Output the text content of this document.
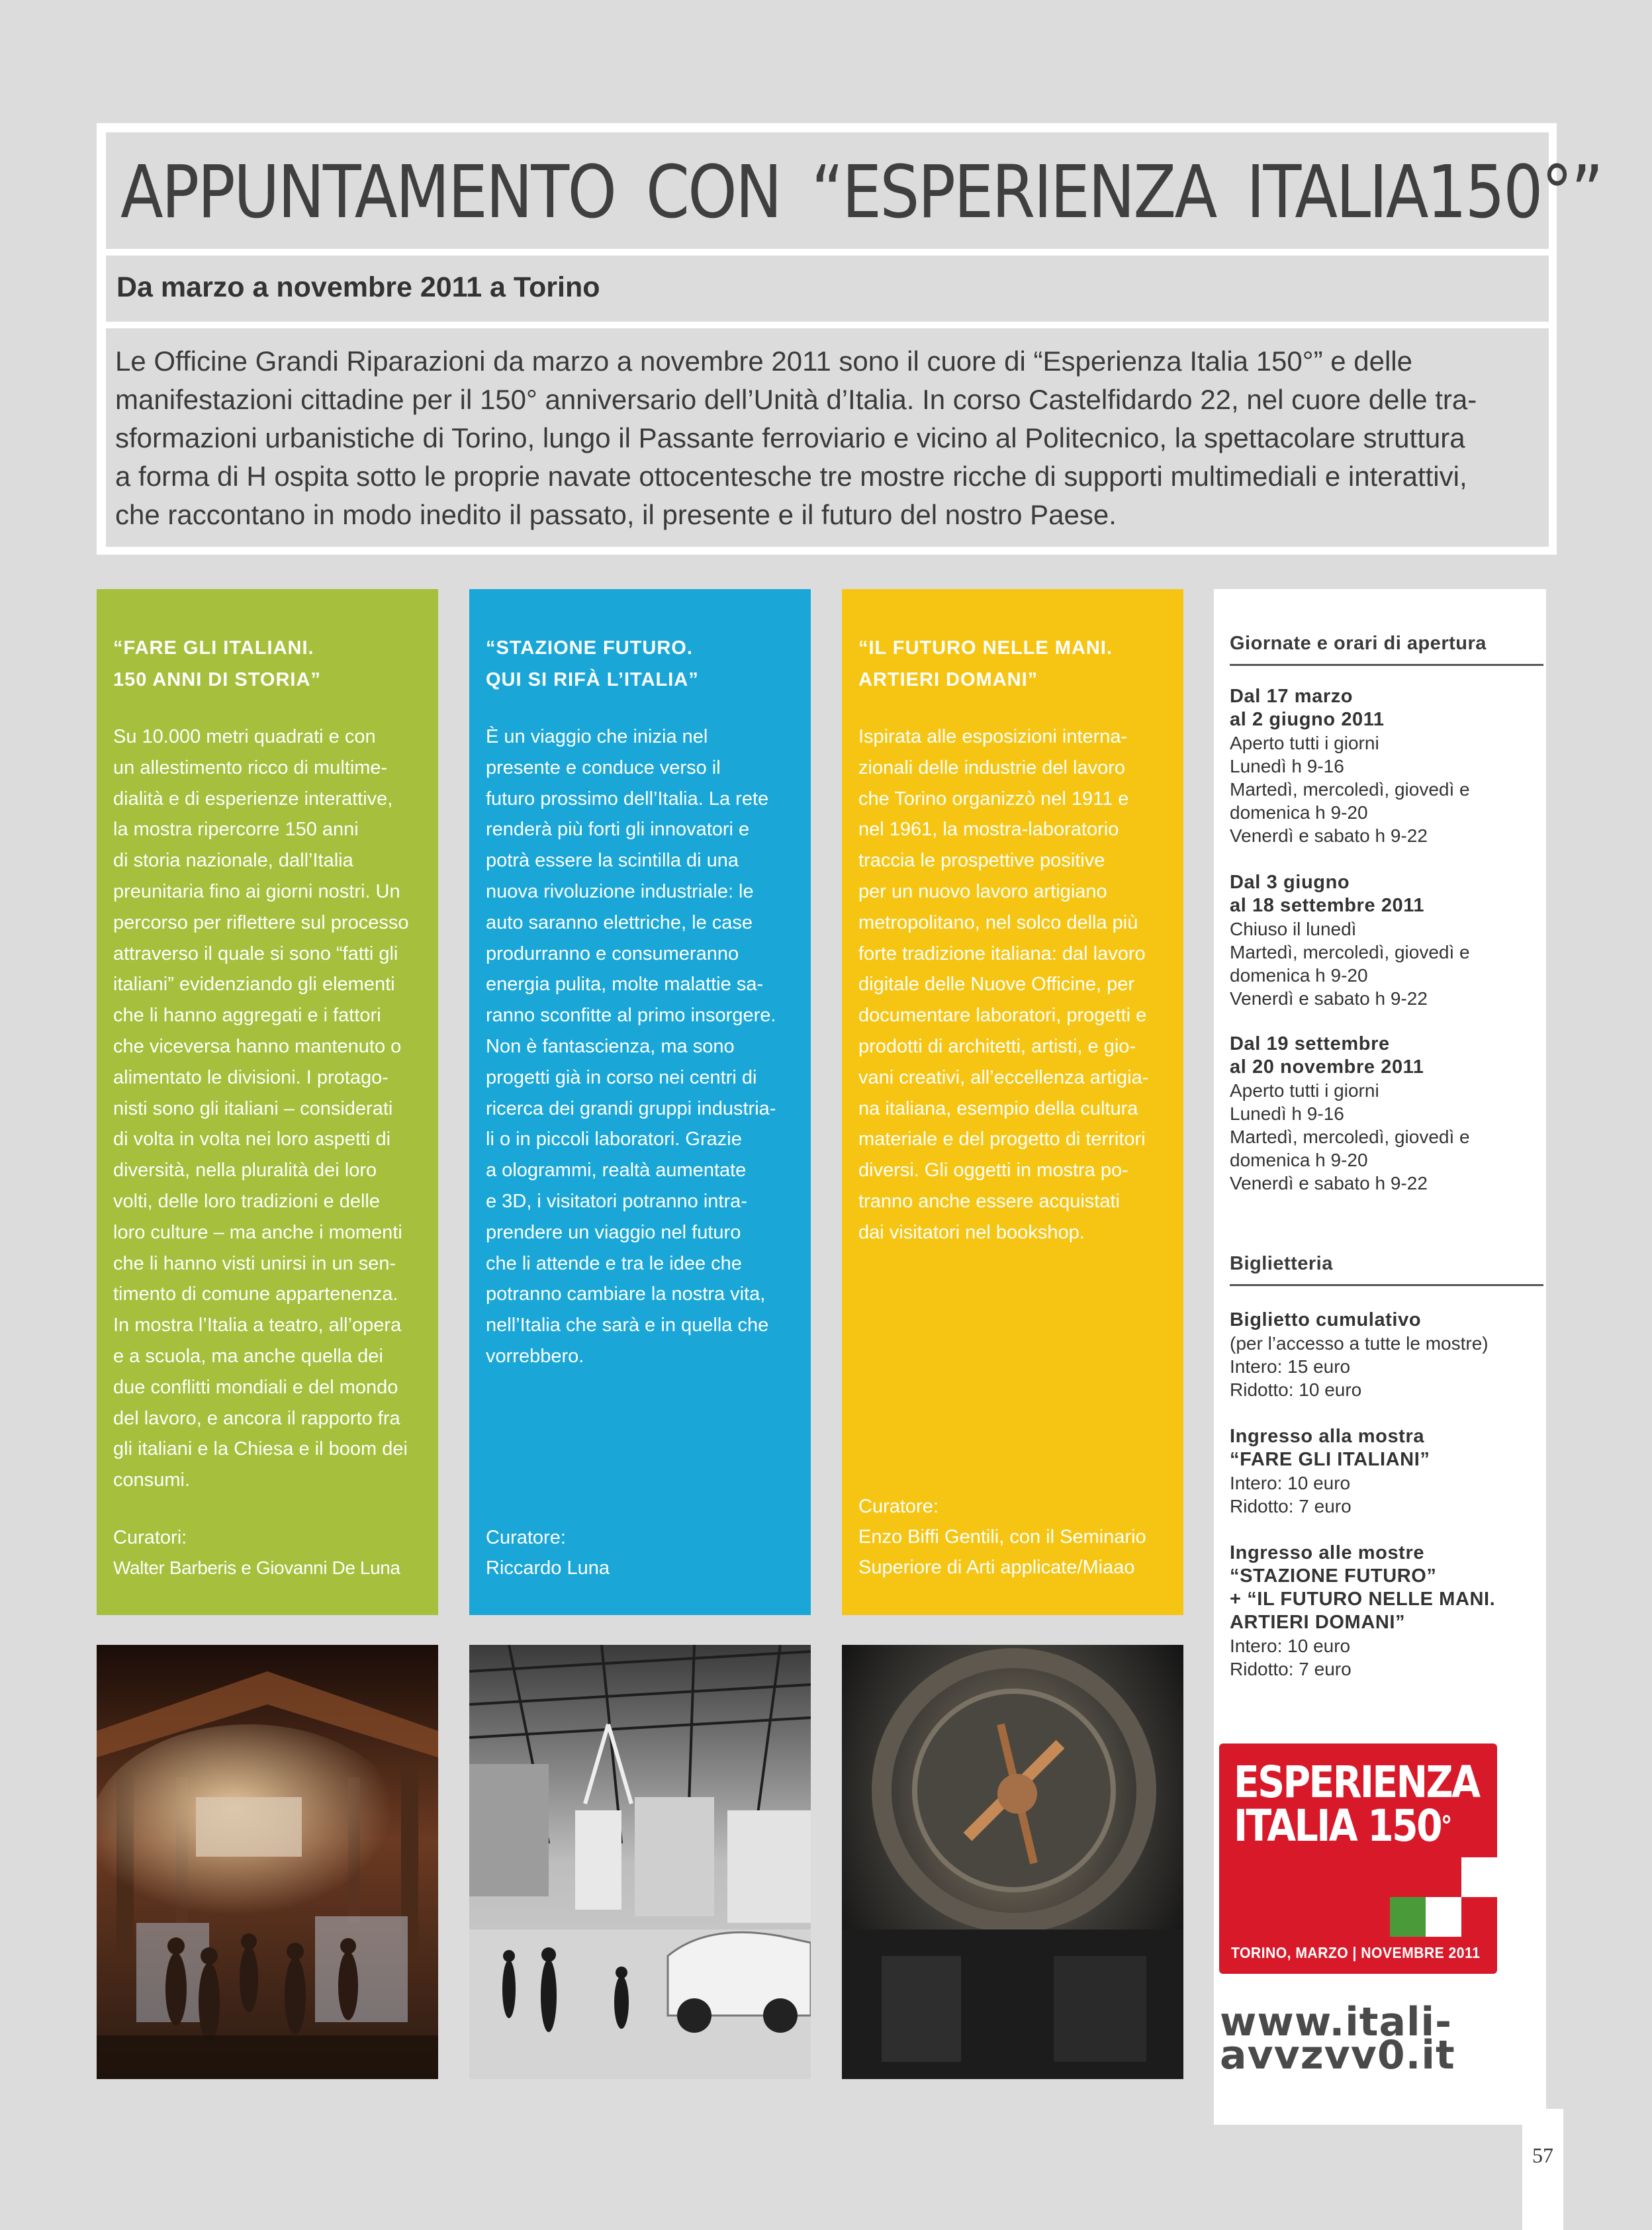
APPUNTAMENTO CON “ESPERIENZA ITALIA150°”
Da marzo a novembre 2011 a Torino
Le Officine Grandi Riparazioni da marzo a novembre 2011 sono il cuore di “Esperienza Italia 150°” e delle
manifestazioni cittadine per il 150° anniversario dell’Unità d’Italia. In corso Castelfidardo 22, nel cuore delle tra-
sformazioni urbanistiche di Torino, lungo il Passante ferroviario e vicino al Politecnico, la spettacolare struttura
a forma di H ospita sotto le proprie navate ottocentesche tre mostre ricche di supporti multimediali e interattivi,
che raccontano in modo inedito il passato, il presente e il futuro del nostro Paese.
“FARE GLI ITALIANI.
150 ANNI DI STORIA”
Su 10.000 metri quadrati e con
un allestimento ricco di multime-
dialità e di esperienze interattive,
la mostra ripercorre 150 anni
di storia nazionale, dall’Italia
preunitaria fino ai giorni nostri. Un
percorso per riflettere sul processo
attraverso il quale si sono “fatti gli
italiani” evidenziando gli elementi
che li hanno aggregati e i fattori
che viceversa hanno mantenuto o
alimentato le divisioni. I protago-
nisti sono gli italiani – considerati
di volta in volta nei loro aspetti di
diversità, nella pluralità dei loro
volti, delle loro tradizioni e delle
loro culture – ma anche i momenti
che li hanno visti unirsi in un sen-
timento di comune appartenenza.
In mostra l’Italia a teatro, all’opera
e a scuola, ma anche quella dei
due conflitti mondiali e del mondo
del lavoro, e ancora il rapporto fra
gli italiani e la Chiesa e il boom dei
consumi.
Curatori:
Walter Barberis e Giovanni De Luna
“STAZIONE FUTURO.
QUI SI RIFÀ L’ITALIA”
È un viaggio che inizia nel
presente e conduce verso il
futuro prossimo dell’Italia. La rete
renderà più forti gli innovatori e
potrà essere la scintilla di una
nuova rivoluzione industriale: le
auto saranno elettriche, le case
produrranno e consumeranno
energia pulita, molte malattie sa-
ranno sconfitte al primo insorgere.
Non è fantascienza, ma sono
progetti già in corso nei centri di
ricerca dei grandi gruppi industria-
li o in piccoli laboratori. Grazie
a ologrammi, realtà aumentate
e 3D, i visitatori potranno intra-
prendere un viaggio nel futuro
che li attende e tra le idee che
potranno cambiare la nostra vita,
nell’Italia che sarà e in quella che
vorrebbero.
Curatore:
Riccardo Luna
“IL FUTURO NELLE MANI.
ARTIERI DOMANI”
Ispirata alle esposizioni interna-
zionali delle industrie del lavoro
che Torino organizzò nel 1911 e
nel 1961, la mostra-laboratorio
traccia le prospettive positive
per un nuovo lavoro artigiano
metropolitano, nel solco della più
forte tradizione italiana: dal lavoro
digitale delle Nuove Officine, per
documentare laboratori, progetti e
prodotti di architetti, artisti, e gio-
vani creativi, all’eccellenza artigia-
na italiana, esempio della cultura
materiale e del progetto di territori
diversi. Gli oggetti in mostra po-
tranno anche essere acquistati
dai visitatori nel bookshop.
Curatore:
Enzo Biffi Gentili, con il Seminario
Superiore di Arti applicate/Miaao
Giornate e orari di apertura
Dal 17 marzo
al 2 giugno 2011
Aperto tutti i giorni
Lunedì h 9-16
Martedì, mercoledì, giovedì e
domenica h 9-20
Venerdì e sabato h 9-22
Dal 3 giugno
al 18 settembre 2011
Chiuso il lunedì
Martedì, mercoledì, giovedì e
domenica h 9-20
Venerdì e sabato h 9-22
Dal 19 settembre
al 20 novembre 2011
Aperto tutti i giorni
Lunedì h 9-16
Martedì, mercoledì, giovedì e
domenica h 9-20
Venerdì e sabato h 9-22
Biglietteria
Biglietto cumulativo
(per l’accesso a tutte le mostre)
Intero: 15 euro
Ridotto: 10 euro
Ingresso alla mostra
“FARE GLI ITALIANI”
Intero: 10 euro
Ridotto: 7 euro
Ingresso alle mostre
“STAZIONE FUTURO”
+ “IL FUTURO NELLE MANI.
ARTIERI DOMANI”
Intero: 10 euro
Ridotto: 7 euro
ESPERIENZA
ITALIA 150°
TORINO, MARZO | NOVEMBRE 2011
www.itali-
avvzvv0.it
57
